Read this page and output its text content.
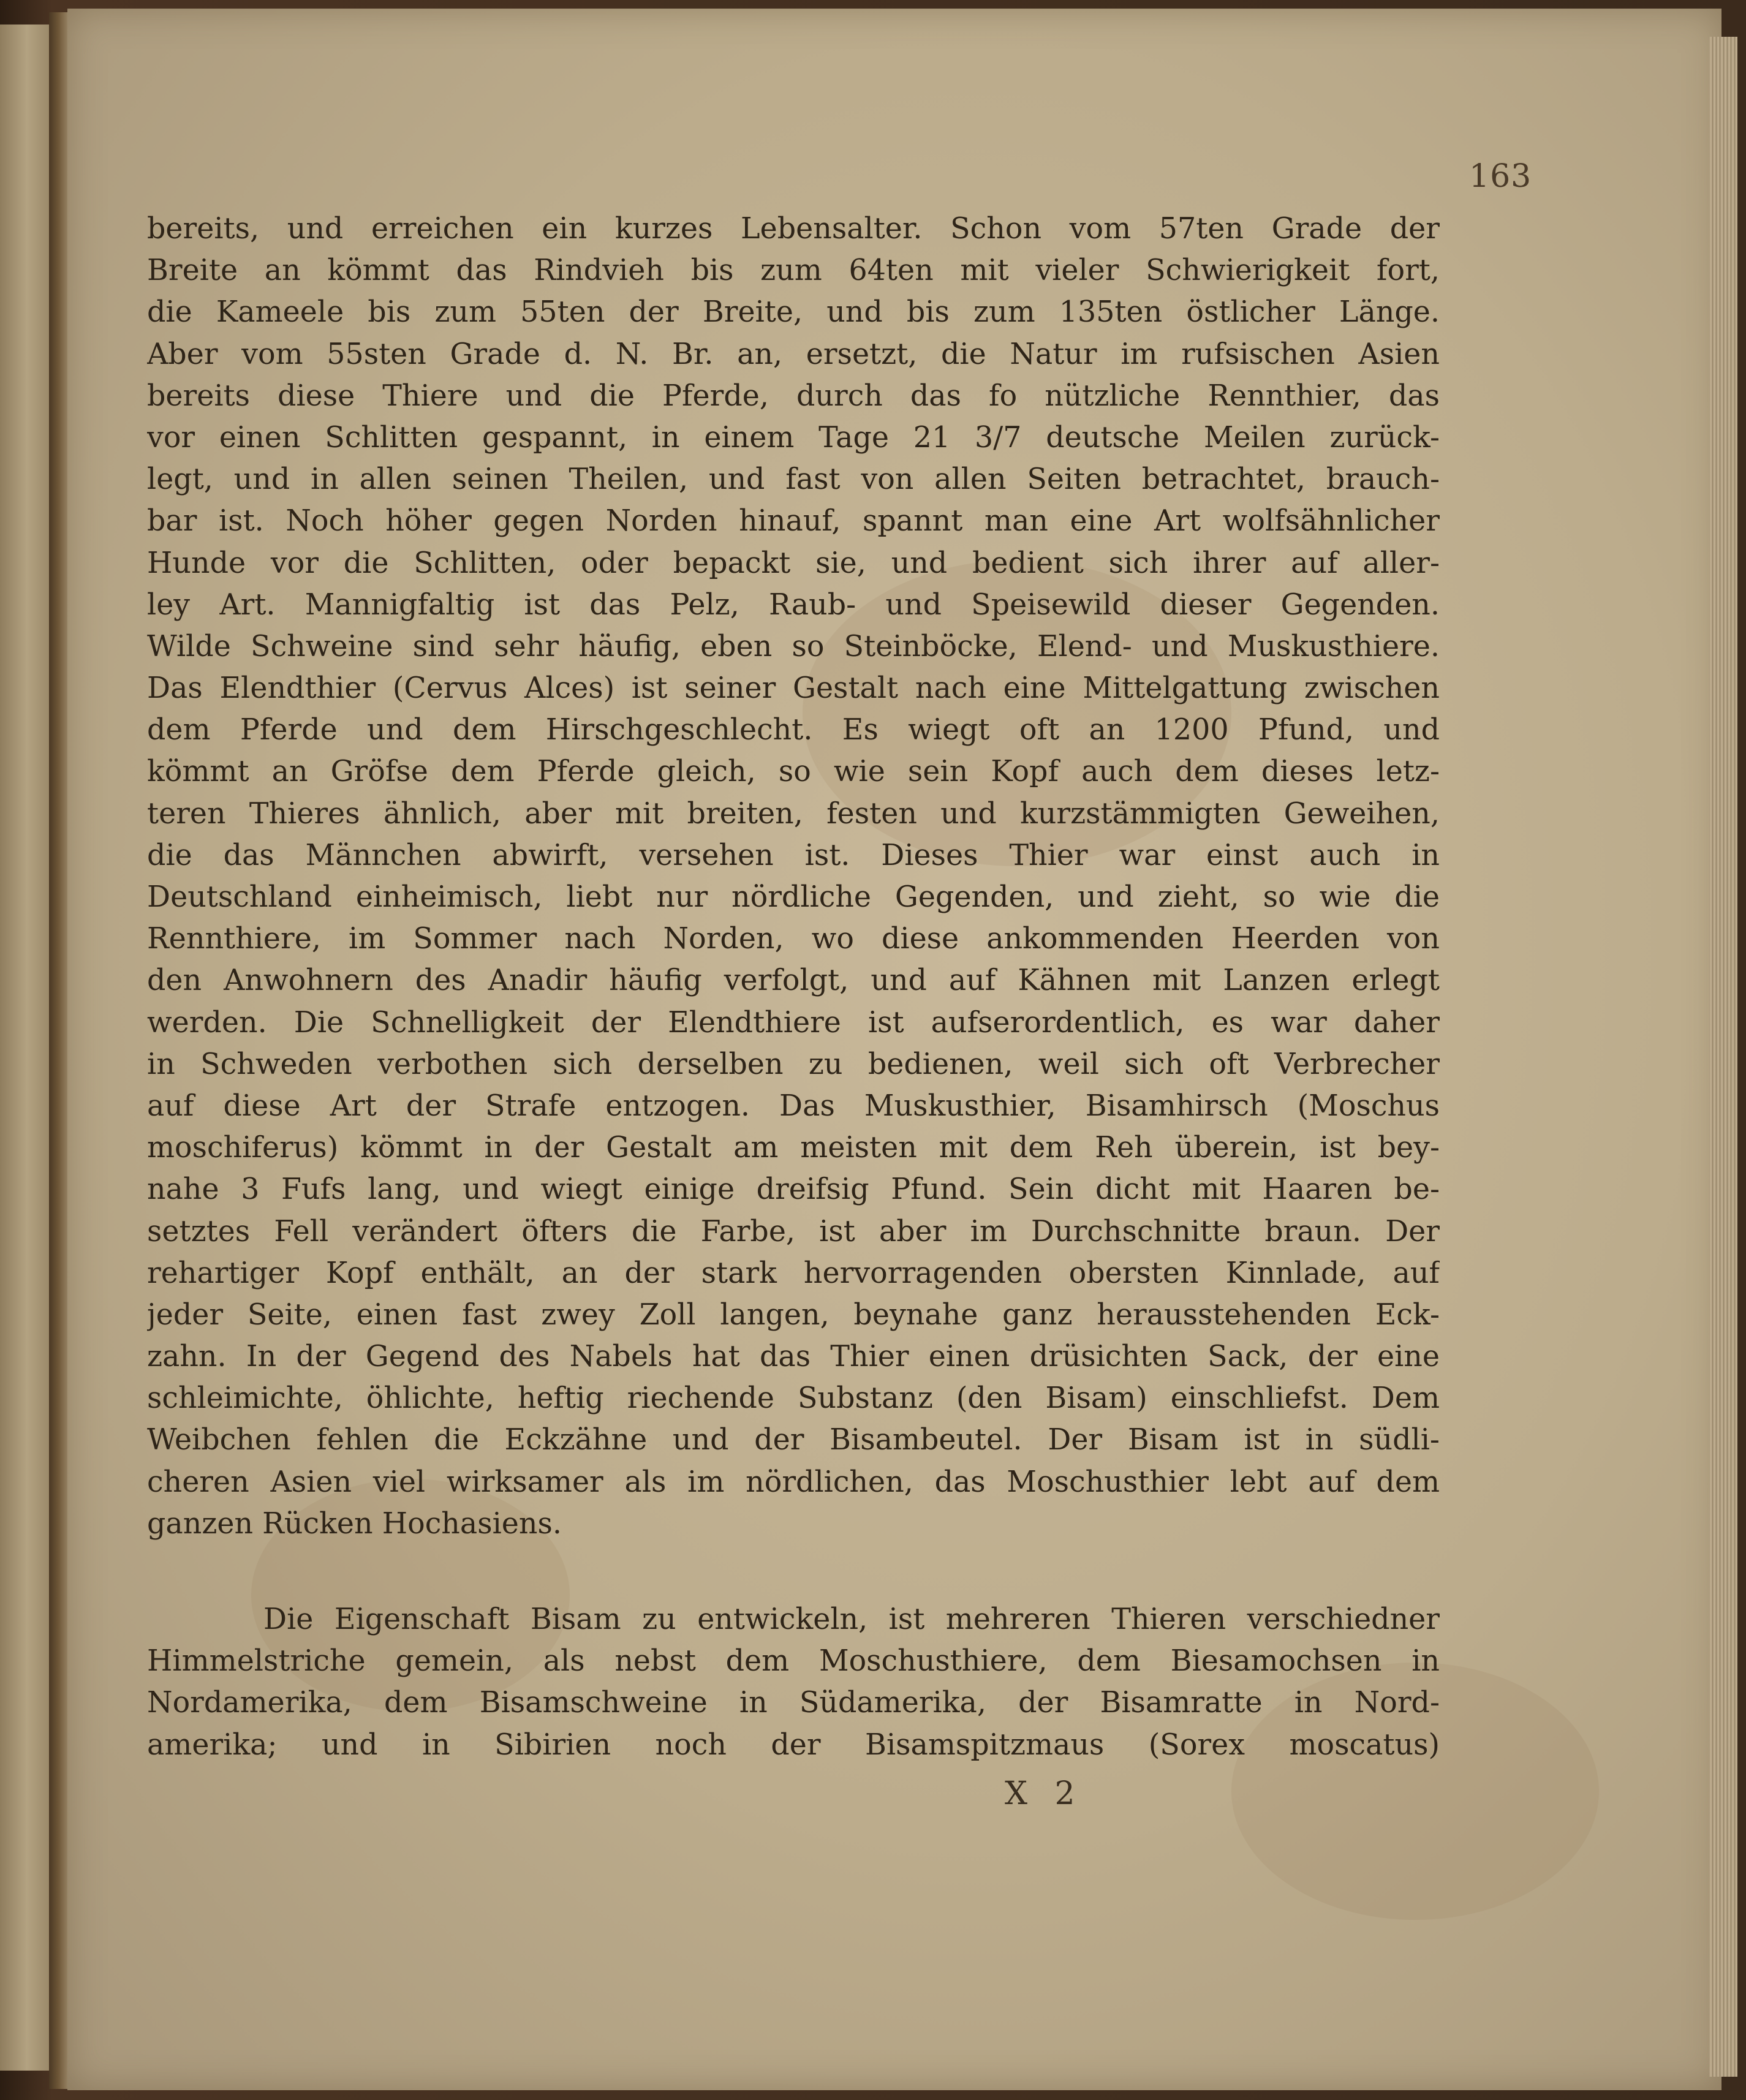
163
bereits, und erreichen ein kurzes Lebensalter. Schon vom 57ten Grade der
Breite an kömmt das Rindvieh bis zum 64ten mit vieler Schwierigkeit fort,
die Kameele bis zum 55ten der Breite, und bis zum 135ten östlicher Länge.
Aber vom 55sten Grade d. N. Br. an, ersetzt, die Natur im rufsischen Asien
bereits diese Thiere und die Pferde, durch das fo nützliche Rennthier, das
vor einen Schlitten gespannt, in einem Tage 21 3/7 deutsche Meilen zurück-
legt, und in allen seinen Theilen, und fast von allen Seiten betrachtet, brauch-
bar ist. Noch höher gegen Norden hinauf, spannt man eine Art wolfsähnlicher
Hunde vor die Schlitten, oder bepackt sie, und bedient sich ihrer auf aller-
ley Art. Mannigfaltig ist das Pelz, Raub- und Speisewild dieser Gegenden.
Wilde Schweine sind sehr häufig, eben so Steinböcke, Elend- und Muskusthiere.
Das Elendthier (Cervus Alces) ist seiner Gestalt nach eine Mittelgattung zwischen
dem Pferde und dem Hirschgeschlecht. Es wiegt oft an 1200 Pfund, und
kömmt an Gröfse dem Pferde gleich, so wie sein Kopf auch dem dieses letz-
teren Thieres ähnlich, aber mit breiten, festen und kurzstämmigten Geweihen,
die das Männchen abwirft, versehen ist. Dieses Thier war einst auch in
Deutschland einheimisch, liebt nur nördliche Gegenden, und zieht, so wie die
Rennthiere, im Sommer nach Norden, wo diese ankommenden Heerden von
den Anwohnern des Anadir häufig verfolgt, und auf Kähnen mit Lanzen erlegt
werden. Die Schnelligkeit der Elendthiere ist aufserordentlich, es war daher
in Schweden verbothen sich derselben zu bedienen, weil sich oft Verbrecher
auf diese Art der Strafe entzogen. Das Muskusthier, Bisamhirsch (Moschus
moschiferus) kömmt in der Gestalt am meisten mit dem Reh überein, ist bey-
nahe 3 Fufs lang, und wiegt einige dreifsig Pfund. Sein dicht mit Haaren be-
setztes Fell verändert öfters die Farbe, ist aber im Durchschnitte braun. Der
rehartiger Kopf enthält, an der stark hervorragenden obersten Kinnlade, auf
jeder Seite, einen fast zwey Zoll langen, beynahe ganz herausstehenden Eck-
zahn. In der Gegend des Nabels hat das Thier einen drüsichten Sack, der eine
schleimichte, öhlichte, heftig riechende Substanz (den Bisam) einschliefst. Dem
Weibchen fehlen die Eckzähne und der Bisambeutel. Der Bisam ist in südli-
cheren Asien viel wirksamer als im nördlichen, das Moschusthier lebt auf dem
ganzen Rücken Hochasiens.
Die Eigenschaft Bisam zu entwickeln, ist mehreren Thieren verschiedner
Himmelstriche gemein, als nebst dem Moschusthiere, dem Biesamochsen in
Nordamerika, dem Bisamschweine in Südamerika, der Bisamratte in Nord-
amerika; und in Sibirien noch der Bisamspitzmaus (Sorex moscatus)
X 2
